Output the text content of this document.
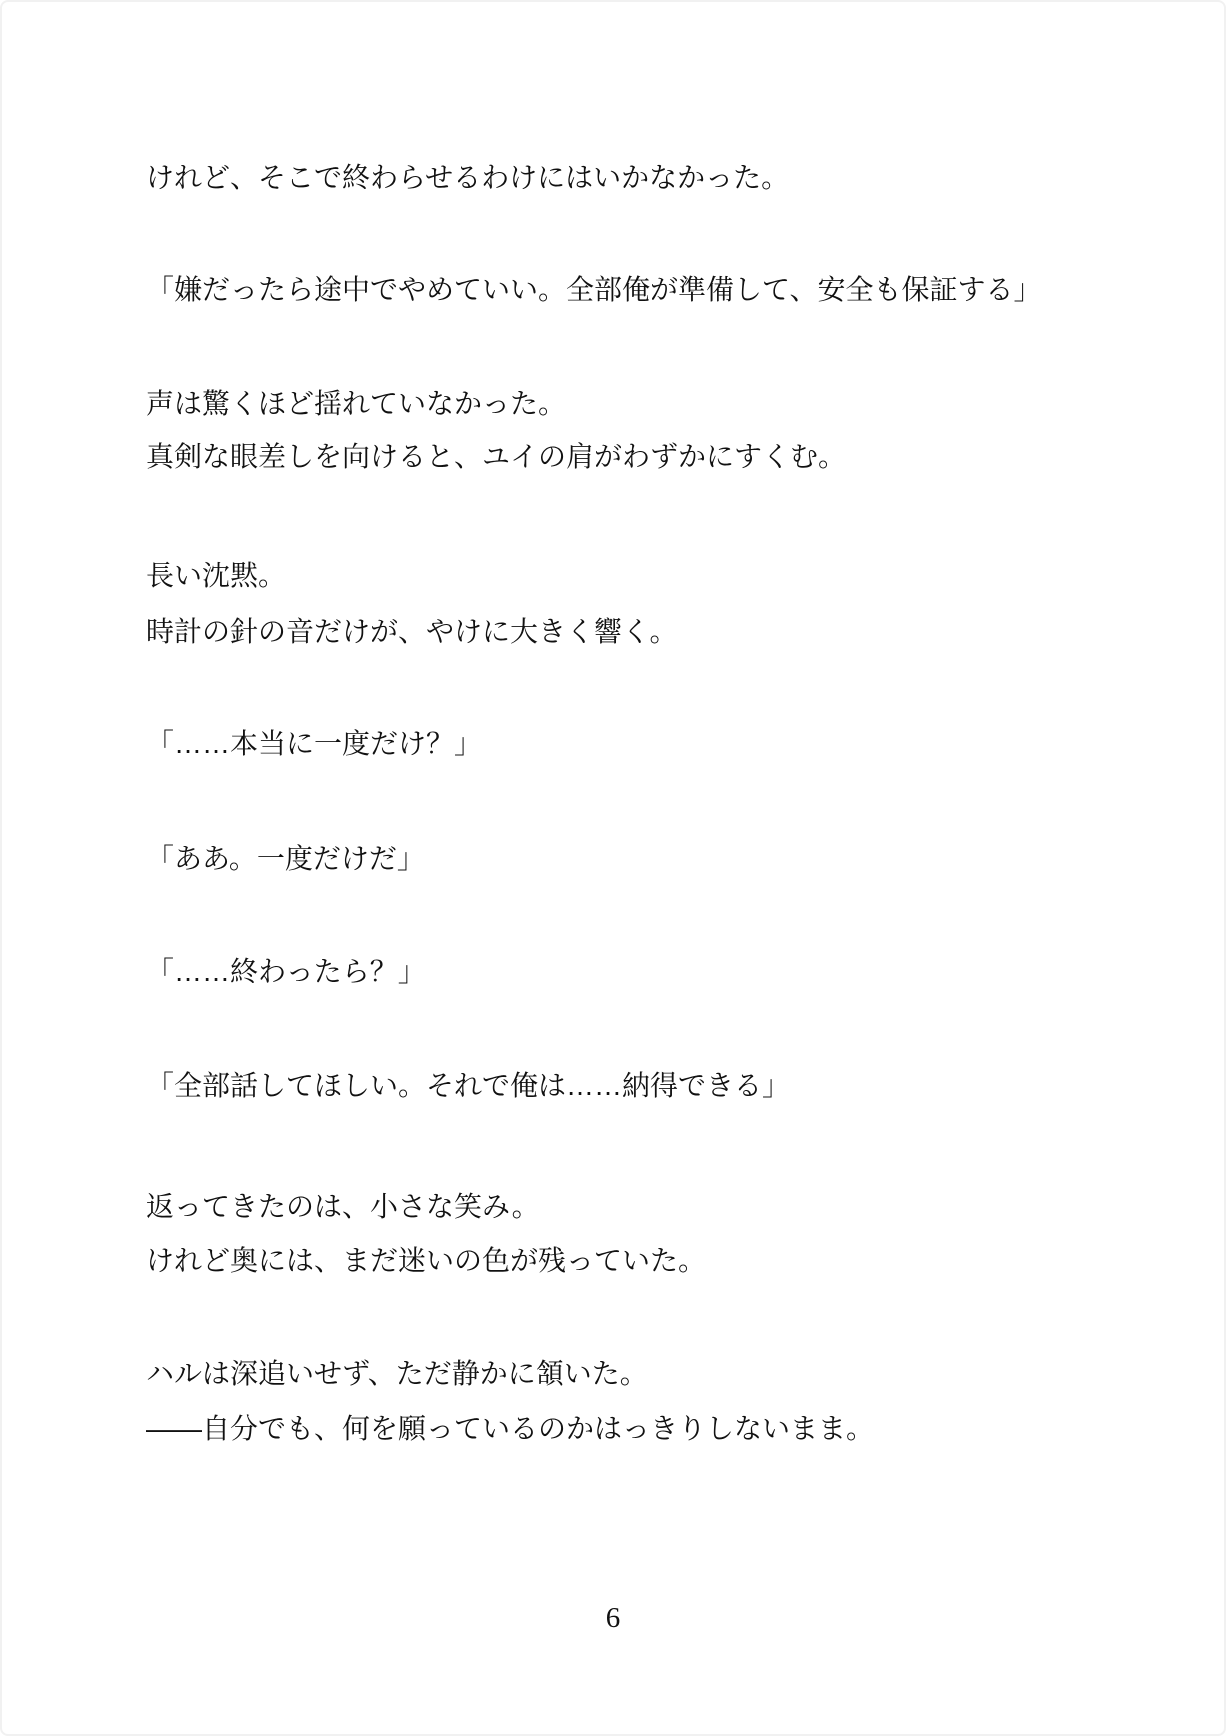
けれど、そこで終わらせるわけにはいかなかった。
「嫌だったら途中でやめていい。全部俺が準備して、安全も保証する」
声は驚くほど揺れていなかった。
真剣な眼差しを向けると、ユイの肩がわずかにすくむ。
長い沈黙。
時計の針の音だけが、やけに大きく響く。
「……本当に一度だけ？」
「ああ。一度だけだ」
「……終わったら？」
「全部話してほしい。それで俺は……納得できる」
返ってきたのは、小さな笑み。
けれど奥には、まだ迷いの色が残っていた。
ハルは深追いせず、ただ静かに頷いた。
——自分でも、何を願っているのかはっきりしないまま。
6
